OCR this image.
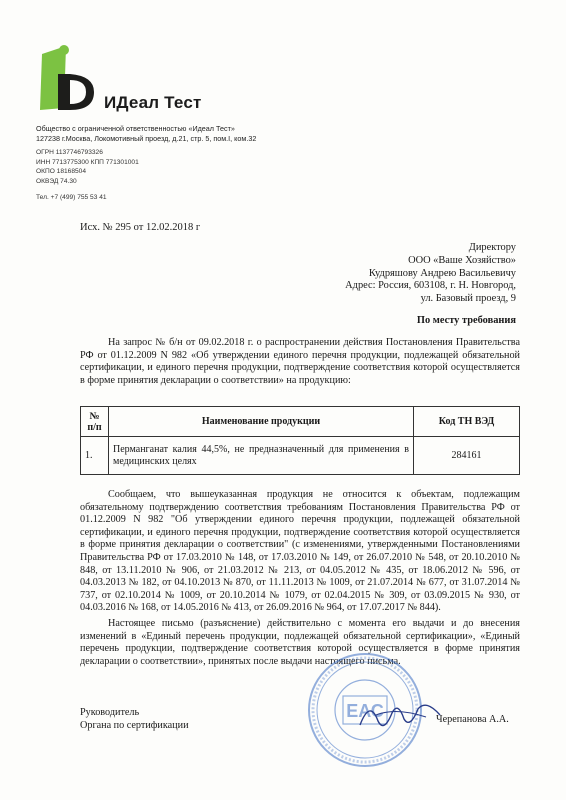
ИДеал Тест
Общество с ограниченной ответственностью «Идеал Тест»
127238 г.Москва, Локомотивный проезд, д.21, стр. 5, пом.I, ком.32
ОГРН 1137746793326
ИНН 7713775300 КПП 771301001
ОКПО 18168504
ОКВЭД 74.30
Тел. +7 (499) 755 53 41
Исх. № 295 от 12.02.2018 г
Директору
ООО «Ваше Хозяйство»
Кудряшову Андрею Васильевичу
Адрес: Россия, 603108, г. Н. Новгород,
ул. Базовый проезд, 9
По месту требования

На запрос № б/н от 09.02.2018 г. о распространении действия Постановления Правительства РФ от 01.12.2009 N 982 «Об утверждении единого перечня продукции, подлежащей обязательной сертификации, и единого перечня продукции, подтверждение соответствия которой осуществляется в форме принятия декларации о соответствии» на продукцию:

№ п/п	Наименование продукции	Код ТН ВЭД
1.	Перманганат калия 44,5%, не предназначенный для применения в медицинских целях	284161

Сообщаем, что вышеуказанная продукция не относится к объектам, подлежащим обязательному подтверждению соответствия требованиям Постановления Правительства РФ от 01.12.2009 N 982 "Об утверждении единого перечня продукции, подлежащей обязательной сертификации, и единого перечня продукции, подтверждение соответствия которой осуществляется в форме принятия декларации о соответствии" (с изменениями, утвержденными Постановлениями Правительства РФ от 17.03.2010 № 148, от 17.03.2010 № 149, от 26.07.2010 № 548, от 20.10.2010 № 848, от 13.11.2010 № 906, от 21.03.2012 № 213, от 04.05.2012 № 435, от 18.06.2012 № 596, от 04.03.2013 № 182, от 04.10.2013 № 870, от 11.11.2013 № 1009, от 21.07.2014 № 677, от 31.07.2014 № 737, от 02.10.2014 № 1009, от 20.10.2014 № 1079, от 02.04.2015 № 309, от 03.09.2015 № 930, от 04.03.2016 № 168, от 14.05.2016 № 413, от 26.09.2016 № 964, от 17.07.2017 № 844).

Настоящее письмо (разъяснение) действительно с момента его выдачи и до внесения изменений в «Единый перечень продукции, подлежащей обязательной сертификации», «Единый перечень продукции, подтверждение соответствия которой осуществляется в форме принятия декларации о соответствии», принятых после выдачи настоящего письма.

ЕАС
Руководитель
Органа по сертификации
Черепанова А.А.
